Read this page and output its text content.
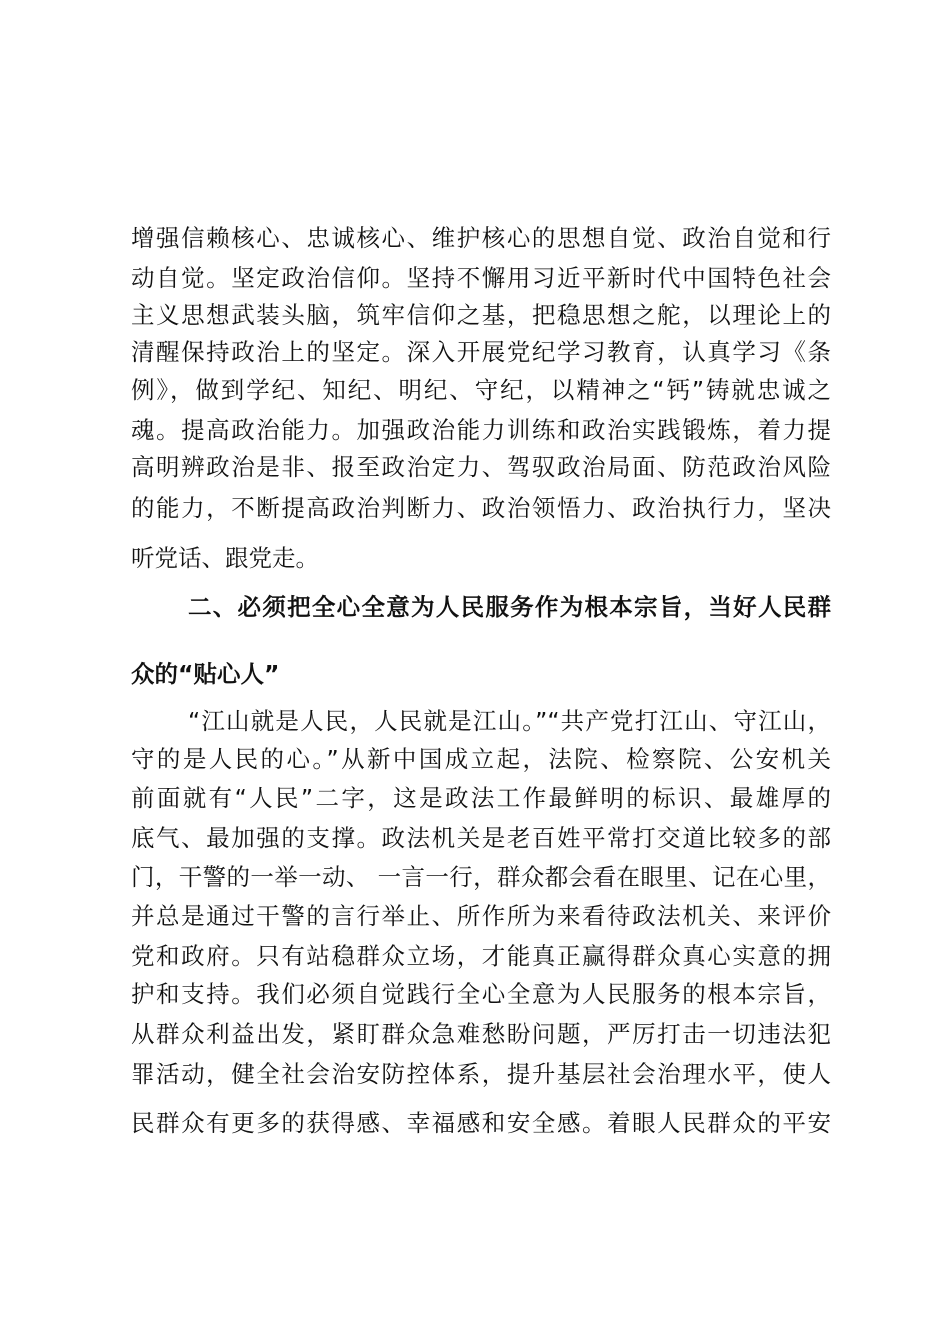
增强信赖核心、忠诚核心、维护核心的思想自觉、政治自觉和行
动自觉。坚定政治信仰。坚持不懈用习近平新时代中国特色社会
主义思想武装头脑，筑牢信仰之基，把稳思想之舵，以理论上的
清醒保持政治上的坚定。深入开展党纪学习教育，认真学习《条
例》，做到学纪、知纪、明纪、守纪，以精神之“钙”铸就忠诚之
魂。提高政治能力。加强政治能力训练和政治实践锻炼，着力提
高明辨政治是非、报至政治定力、驾驭政治局面、防范政治风险
的能力，不断提高政治判断力、政治领悟力、政治执行力，坚决
听党话、跟党走。
二、必须把全心全意为人民服务作为根本宗旨，当好人民群
众的“贴心人”
“江山就是人民，人民就是江山。”“共产党打江山、守江山，
守的是人民的心。”从新中国成立起，法院、检察院、公安机关
前面就有“人民”二字，这是政法工作最鲜明的标识、最雄厚的
底气、最加强的支撑。政法机关是老百姓平常打交道比较多的部
门，干警的一举一动、 一言一行，群众都会看在眼里、记在心里，
并总是通过干警的言行举止、所作所为来看待政法机关、来评价
党和政府。只有站稳群众立场，才能真正赢得群众真心实意的拥
护和支持。我们必须自觉践行全心全意为人民服务的根本宗旨，
从群众利益出发，紧盯群众急难愁盼问题，严厉打击一切违法犯
罪活动，健全社会治安防控体系，提升基层社会治理水平，使人
民群众有更多的获得感、幸福感和安全感。着眼人民群众的平安
